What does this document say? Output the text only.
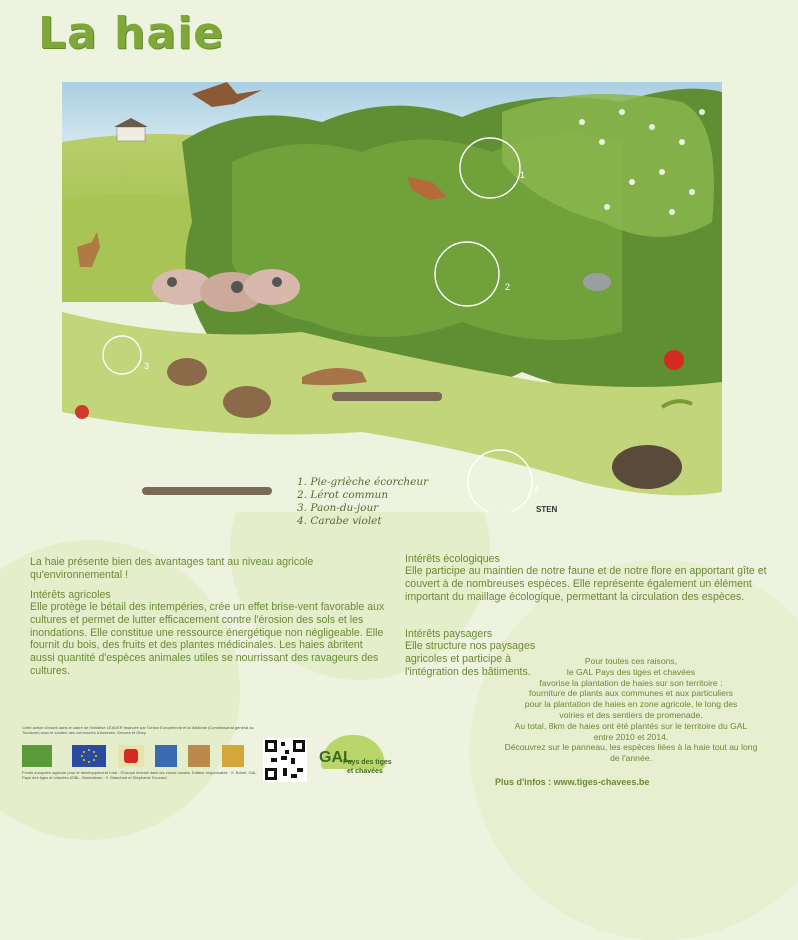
La haie
1
2
3
4
STEN
1. Pie-grièche écorcheur
2. Lérot commun
3. Paon-du-jour
4. Carabe violet
La haie présente bien des avantages tant au niveau agricole qu'environnemental !
Intérêts agricoles
Elle protège le bétail des intempéries, crée un effet brise-vent favorable aux cultures et permet de lutter efficacement contre l'érosion des sols et les inondations. Elle constitue une ressource énergétique non négligeable. Elle fournit du bois, des fruits et des plantes médicinales. Les haies abritent aussi quantité d'espèces animales utiles se nourrissant des ravageurs des cultures.
Intérêts écologiques
Elle participe au maintien de notre faune et de notre flore en apportant gîte et couvert à de nombreuses espèces. Elle représente également un élément important du maillage écologique, permettant la circulation des espèces.
Intérêts paysagers
Elle structure nos paysages agricoles et participe à l'intégration des bâtiments.
Pour toutes ces raisons,
le GAL Pays des tiges et chavées
favorise la plantation de haies sur son territoire :
fourniture de plants aux communes et aux particuliers
pour la plantation de haies en zone agricole, le long des
voiries et des sentiers de promenade.
Au total, 8km de haies ont été plantés sur le territoire du GAL
entre 2010 et 2014.
Découvrez sur le panneau, les espèces liées à la haie tout au long
de l'année.
Plus d'infos : www.tiges-chavees.be
Cette action s'inscrit dans le cadre de l'initiative LEADER financée par l'Union Européenne et la Wallonie (Commissariat général au Tourisme) avec le soutien des communes d'Assesse, Gesves et Ohey.
Fonds européen agricole pour le développement rural : l'Europe investit dans les zones rurales. Editeur responsable : X. Bohet, GAL Pays des tiges et chavées ASBL. Illustrations : S. Blanchart et Stéphanie Foucard.
GAL
Pays des tiges
et chavées
